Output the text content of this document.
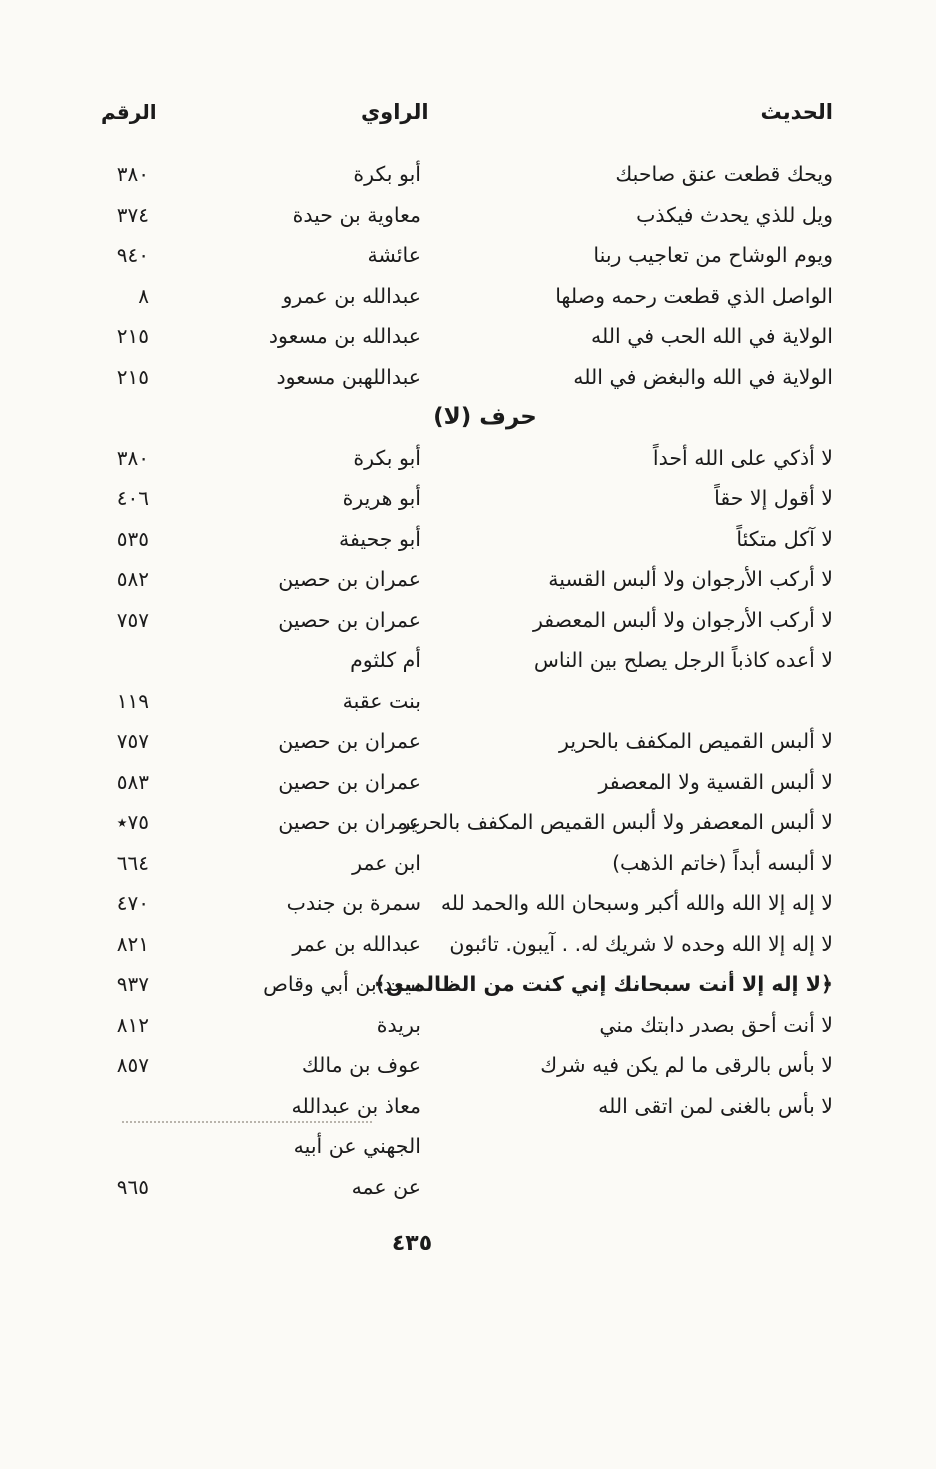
الحديث
الراوي
الرقم
ويحك قطعت عنق صاحبك
أبو بكرة
٣٨٠
ويل للذي يحدث فيكذب
معاوية بن حيدة
٣٧٤
ويوم الوشاح من تعاجيب ربنا
عائشة
٩٤٠
الواصل الذي قطعت رحمه وصلها
عبدالله بن عمرو
٨
الولاية في الله الحب في الله
عبدالله بن مسعود
٢١٥
الولاية في الله والبغض في الله
عبداللهبن مسعود
٢١٥
حرف (لا)
لا أذكي على الله أحداً
أبو بكرة
٣٨٠
لا أقول إلا حقاً
أبو هريرة
٤٠٦
لا آكل متكئاً
أبو جحيفة
٥٣٥
لا أركب الأرجوان ولا ألبس القسية
عمران بن حصين
٥٨٢
لا أركب الأرجوان ولا ألبس المعصفر
عمران بن حصين
٧٥٧
لا أعده كاذباً الرجل يصلح بين الناس
أم كلثوم
بنت عقبة
١١٩
لا ألبس القميص المكفف بالحرير
عمران بن حصين
٧٥٧
لا ألبس القسية ولا المعصفر
عمران بن حصين
٥٨٣
لا ألبس المعصفر ولا ألبس القميص المكفف بالحرير
عمران بن حصين
٧٥٭
لا ألبسه أبداً (خاتم الذهب)
ابن عمر
٦٦٤
لا إله إلا الله والله أكبر وسبحان الله والحمد لله
سمرة بن جندب
٤٧٠
لا إله إلا الله وحده لا شريك له. . آيبون. تائبون
عبدالله بن عمر
٨٢١
﴿لا إله إلا أنت سبحانك إني كنت من الظالمين﴾
سعد بن أبي وقاص
٩٣٧
لا أنت أحق بصدر دابتك مني
بريدة
٨١٢
لا بأس بالرقى ما لم يكن فيه شرك
عوف بن مالك
٨٥٧
لا بأس بالغنى لمن اتقى الله
معاذ بن عبدالله
الجهني عن أبيه
عن عمه
٩٦٥
٤٣٥
